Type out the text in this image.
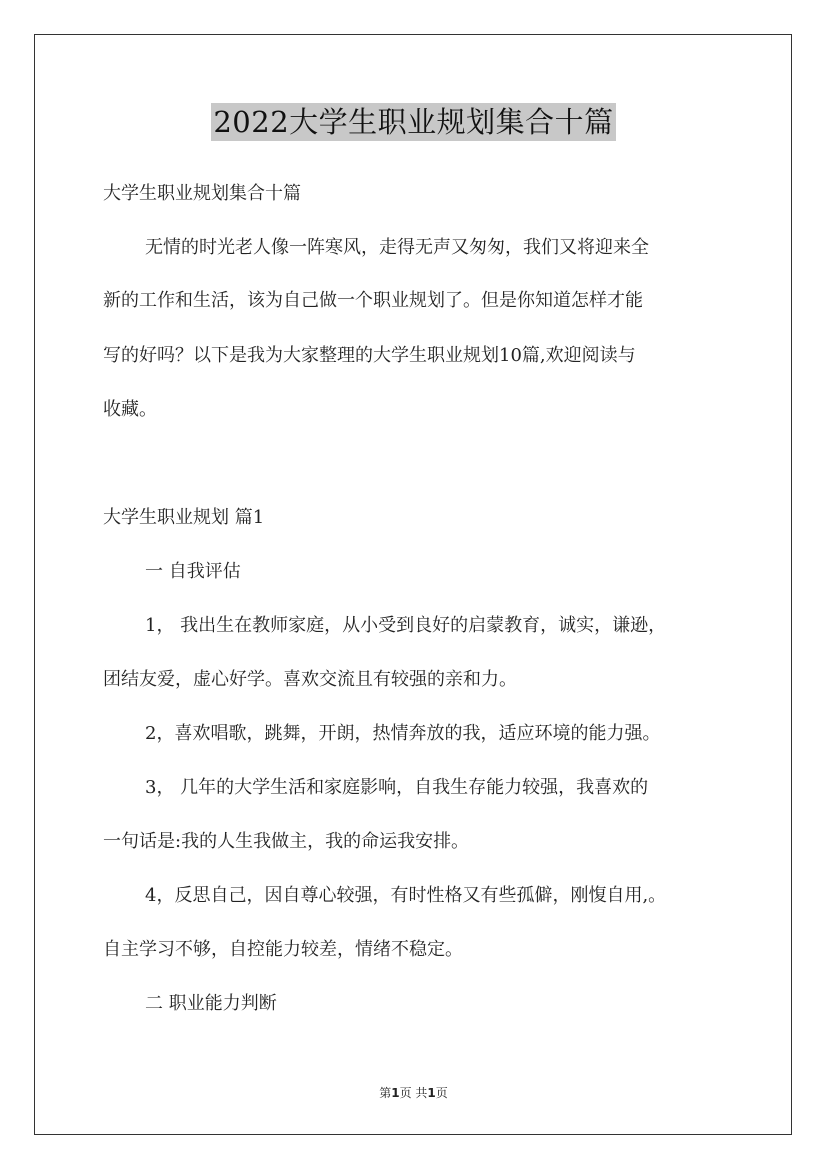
2022大学生职业规划集合十篇
大学生职业规划集合十篇
无情的时光老人像一阵寒风，走得无声又匆匆，我们又将迎来全
新的工作和生活，该为自己做一个职业规划了。但是你知道怎样才能
写的好吗？以下是我为大家整理的大学生职业规划10篇,欢迎阅读与
收藏。
大学生职业规划 篇1
一 自我评估
1， 我出生在教师家庭，从小受到良好的启蒙教育，诚实，谦逊，
团结友爱，虚心好学。喜欢交流且有较强的亲和力。
2，喜欢唱歌，跳舞，开朗，热情奔放的我，适应环境的能力强。
3， 几年的大学生活和家庭影响，自我生存能力较强，我喜欢的
一句话是:我的人生我做主，我的命运我安排。
4，反思自己，因自尊心较强，有时性格又有些孤僻，刚愎自用,。
自主学习不够，自控能力较差，情绪不稳定。
二 职业能力判断
第1页 共1页
